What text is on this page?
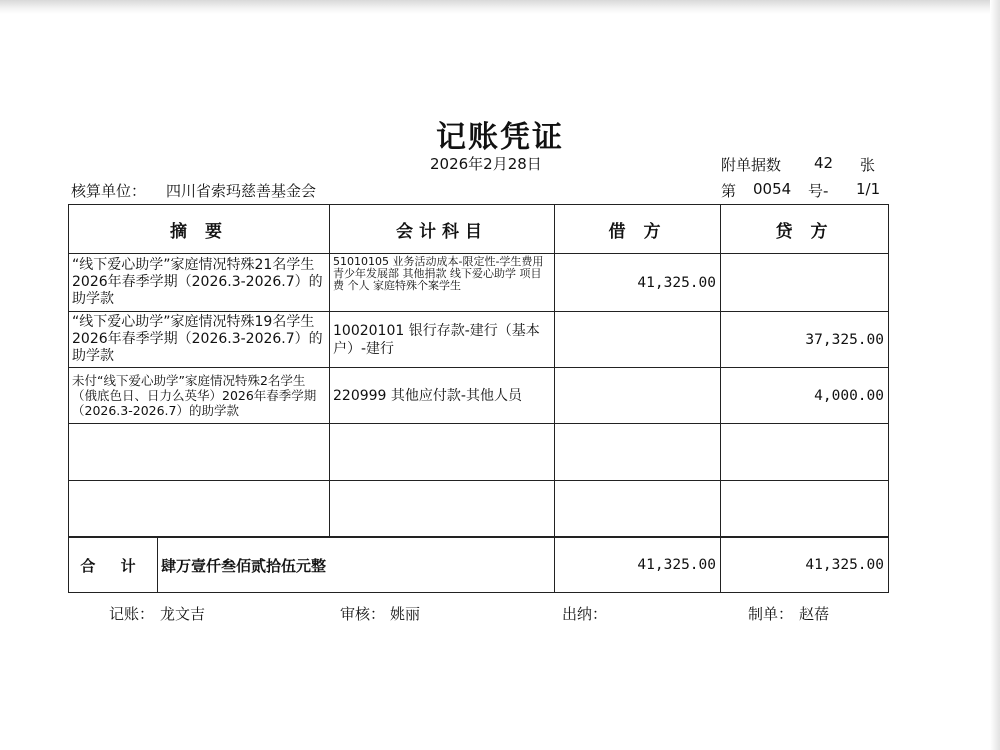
记账凭证
2026年2月28日	附单据数 42 张
核算单位： 四川省索玛慈善基金会	第 0054 号- 1/1
摘 要	会计科目	借 方	贷 方
“线下爱心助学”家庭情况特殊21名学生2026年春季学期（2026.3-2026.7）的助学款	51010105 业务活动成本-限定性-学生费用 青少年发展部 其他捐款 线下爱心助学 项目费 个人 家庭特殊个案学生	41,325.00	
“线下爱心助学”家庭情况特殊19名学生2026年春季学期（2026.3-2026.7）的助学款	10020101 银行存款-建行（基本户）-建行		37,325.00
未付“线下爱心助学”家庭情况特殊2名学生（俄底色日、日力么英华）2026年春季学期（2026.3-2026.7）的助学款	220999 其他应付款-其他人员		4,000.00

合 计 肆万壹仟叁佰贰拾伍元整		41,325.00	41,325.00
记账： 龙文吉	审核： 姚丽	出纳：	制单： 赵蓓
